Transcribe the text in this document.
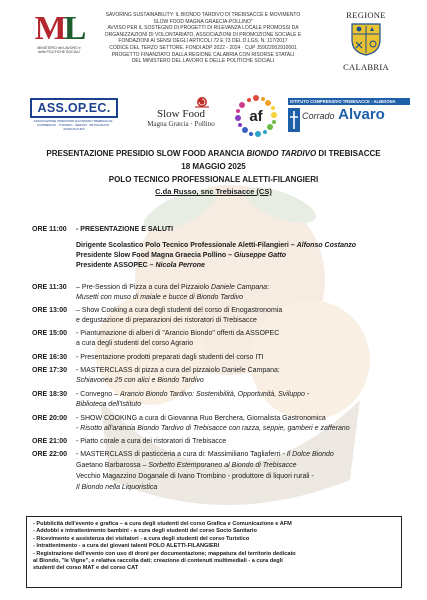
ML
MINISTERO del LAVORO e delle POLITICHE SOCIALI
SAVORING SUSTAINABILITY: IL BIONDO TARDIVO DI TREBISACCE E MOVIMENTO
SLOW FOOD MAGNA GRAECIA-POLLINO"
AVVISO PER IL SOSTEGNO DI PROGETTI DI RILEVANZA LOCALE PROMOSSI DA
ORGANIZZAZIONI DI VOLONTARIATO, ASSOCIAZIONI DI PROMOZIONE SOCIALE E
FONDAZIONI AI SENSI DEGLI ARTICOLI 72 E 73 DEL D.LGS. N. 117/2017
CODICE DEL TERZO SETTORE. FONDI ADP 2022 - 2024 · CUP J59I22002910001
PROGETTO FINANZIATO DALLA REGIONE CALABRIA CON RISORSE STATALI
DEL MINISTERO DEL LAVORO E DELLE POLITICHE SOCIALI
REGIONE
CALABRIA
ASS.OP.EC.
ASSOCIAZIONE OPERATORI ECONOMICI TREBISACCE · COMMERCIO · TURISMO · SERVIZI · ARTIGIANATO · AGRICOLTURA
Slow Food
Magna Græcia · Pollino	af
ISTITUTO COMPRENSIVO TREBISACCE - ALBIDONA
Corrado Alvaro
PRESENTAZIONE PRESIDIO SLOW FOOD ARANCIA BIONDO TARDIVO DI TREBISACCE
18 MAGGIO 2025
POLO TECNICO PROFESSIONALE ALETTI-FILANGIERI
C.da Russo, snc Trebisacce (CS)
ORE 11:00	- PRESENTAZIONE E SALUTI
Dirigente Scolastico Polo Tecnico Professionale Aletti-Filangieri – Alfonso Costanzo
Presidente Slow Food Magna Graecia Pollino – Giuseppe Gatto
Presidente ASSOPEC – Nicola Perrone
ORE 11:30	– Pre-Session di Pizza a cura del Pizzaiolo Daniele Campana:
Musetti con muso di maiale e bucce di Biondo Tardivo
ORE 13:00	– Show Cooking a cura degli studenti del corso di Enogastronomia
e degustazione di preparazioni dei ristoratori di Trebisacce
ORE 15:00	- Piantumazione di alberi di "Arancio Biondo" offerti da ASSOPEC
a cura degli studenti del corso Agrario
ORE 16:30	- Presentazione prodotti preparati dagli studenti del corso ITI
ORE 17:30	- MASTERCLASS di pizza a cura del pizzaiolo Daniele Campana:
Schiavonea 25 con alici e Biondo Tardivo
ORE 18:30	- Convegno – Arancio Biondo Tardivo: Sostenibilità, Opportunità, Sviluppo -
Biblioteca dell'Istituto
ORE 20:00	- SHOW COOKING a cura di Giovanna Ruo Berchera, Giornalista Gastronomica
- Risotto all'arancia Biondo Tardivo di Trebisacce con razza, seppie, gamberi e zafferano
ORE 21:00	- Piatto corale a cura dei ristoratori di Trebisacce
ORE 22:00	- MASTERCLASS di pasticceria a cura di: Massimiliano Tagliaferri - Il Dolce Biondo
Gaetano Barbarossa – Sorbetto Estemporaneo al Biondo di Trebisacce
Vecchio Magazzino Doganale di Ivano Trombino - produttore di liquori rurali -
Il Biondo nella Liquoristica
- Pubblicità dell'evento e grafica – a cura degli studenti del corso Grafica e Comunicazione e AFM
- Addobbi e intrattenimento bambini - a cura degli studenti del corso Socio Sanitario
- Ricevimento e assistenza dei visitatori - a cura degli studenti del corso Turistico
- Intrattenimento - a cura dei giovani talenti POLO ALETTI-FILANGIERI
- Registrazione dell'evento con uso di droni per documentazione; mappatura del territorio dedicato
al Biondo, "le Vigne", e relativa raccolta dati; creazione di contenuti multimediali - a cura degli
studenti del corso MAT e del corso CAT
